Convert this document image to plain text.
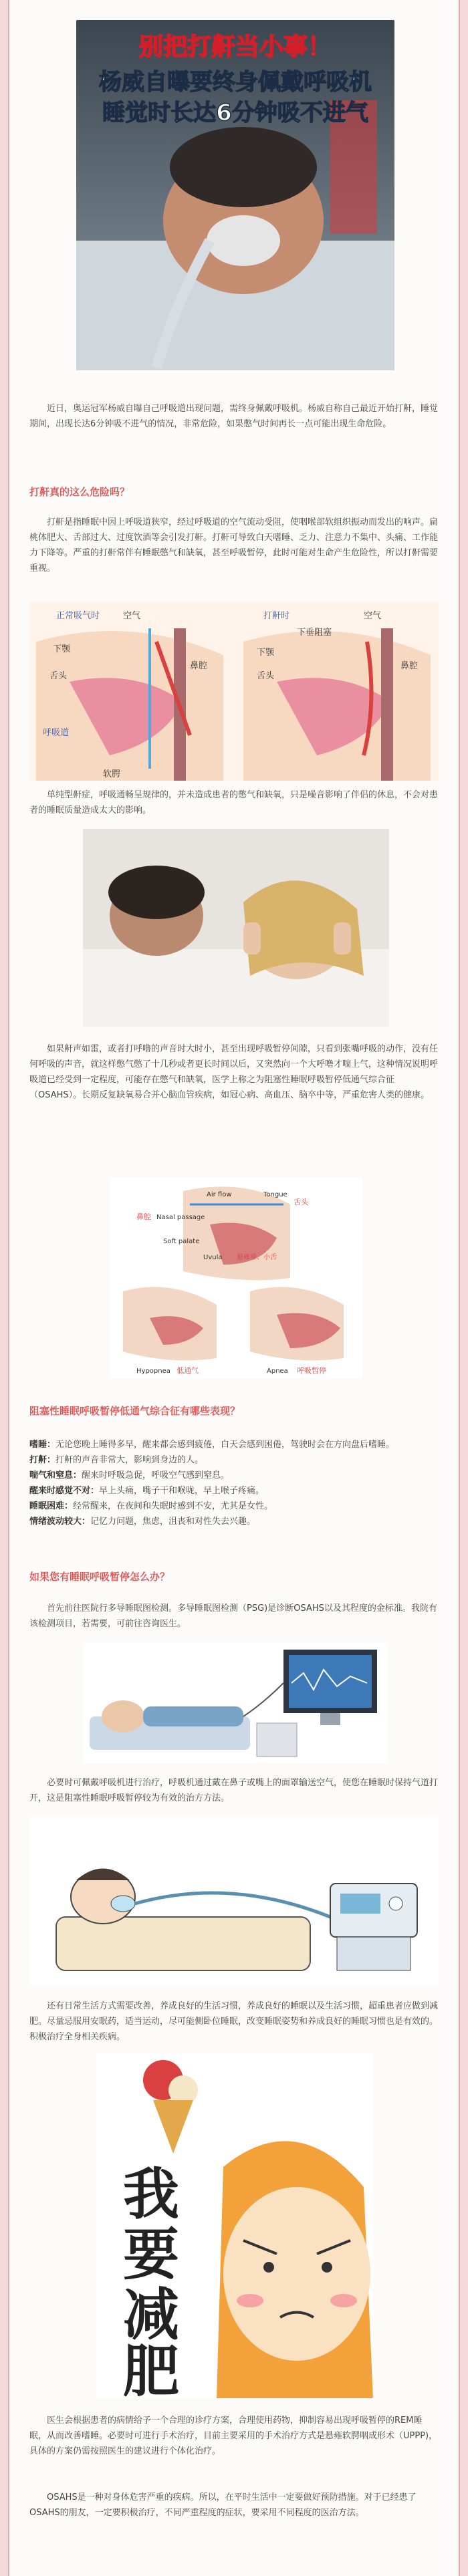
别把打鼾当小事！
杨威自曝要终身佩戴呼吸机
睡觉时长达6分钟吸不进气

近日，奥运冠军杨威自曝自己呼吸道出现问题，需终身佩戴呼吸机。杨威自称自己最近开始打鼾，睡觉期间，出现长达6分钟吸不进气的情况，非常危险，如果憋气时间再长一点可能出现生命危险。

打鼾真的这么危险吗？

打鼾是指睡眠中因上呼吸道狭窄，经过呼吸道的空气流动受阻，使咽喉部软组织振动而发出的响声。扁桃体肥大、舌部过大、过度饮酒等会引发打鼾。打鼾可导致白天嗜睡、乏力、注意力不集中、头痛、工作能力下降等。严重的打鼾常伴有睡眠憋气和缺氧，甚至呼吸暂停，此时可能对生命产生危险性，所以打鼾需要重视。

正常吸气时	空气
下颚
舌头
鼻腔
呼吸道
软腭
打鼾时	空气
下垂阻塞
下颚
舌头
鼻腔

单纯型鼾症，呼吸通畅呈规律的，并未造成患者的憋气和缺氧，只是噪音影响了伴侣的休息，不会对患者的睡眠质量造成太大的影响。

如果鼾声如雷，或者打呼噜的声音时大时小，甚至出现呼吸暂停间隙，只看到张嘴呼吸的动作，没有任何呼吸的声音，就这样憋气憋了十几秒或者更长时间以后，又突然向一个大呼噜才喘上气，这种情况说明呼吸道已经受到一定程度，可能存在憋气和缺氧，医学上称之为阻塞性睡眠呼吸暂停低通气综合征（OSAHS）。长期反复缺氧易合并心脑血管疾病，如冠心病、高血压、脑卒中等，严重危害人类的健康。

Air flow	Tongue
舌头
鼻腔 Nasal passage
Soft palate
Uvula 悬雍垂、小舌
Hypopnea 低通气	Apnea 呼吸暂停
阻塞性睡眠呼吸暂停低通气综合征有哪些表现？

嗜睡：无论您晚上睡得多早，醒来都会感到疲倦，白天会感到困倦，驾驶时会在方向盘后嗜睡。

打鼾：打鼾的声音非常大，影响到身边的人。

喘气和窒息：醒来时呼吸急促，呼吸空气感到窒息。

醒来时感觉不对：早上头痛，嘴子干和喉咙，早上喉子疼痛。

睡眠困难：经常醒来，在夜间和失眠时感到不安，尤其是女性。

情绪波动较大：记忆力问题，焦虑，沮丧和对性失去兴趣。

如果您有睡眠呼吸暂停怎么办？

首先前往医院行多导睡眠图检测。多导睡眠图检测（PSG)是诊断OSAHS以及其程度的金标准。我院有该检测项目，若需要，可前往咨询医生。

必要时可佩戴呼吸机进行治疗，呼吸机通过戴在鼻子或嘴上的面罩输送空气，使您在睡眠时保持气道打开，这是阻塞性睡眠呼吸暂停较为有效的治方方法。

还有日常生活方式需要改善，养成良好的生活习惯，养成良好的睡眠以及生活习惯，超重患者应做到减肥。尽量忌服用安眠药，适当运动，尽可能侧卧位睡眠，改变睡眠姿势和养成良好的睡眠习惯也是有效的。积极治疗全身相关疾病。

我
要
减
肥

医生会根据患者的病情给予一个合理的诊疗方案，合理使用药物，抑制容易出现呼吸暂停的REM睡眠，从而改善嗜睡。必要时可进行手术治疗，目前主要采用的手术治疗方式是悬雍软腭咽成形术（UPPP)，具体的方案仍需按照医生的建议进行个体化治疗。

OSAHS是一种对身体危害严重的疾病。所以，在平时生活中一定要做好预防措施。对于已经患了OSAHS的朋友，一定要积极治疗，不同严重程度的症状，要采用不同程度的医治方法。
